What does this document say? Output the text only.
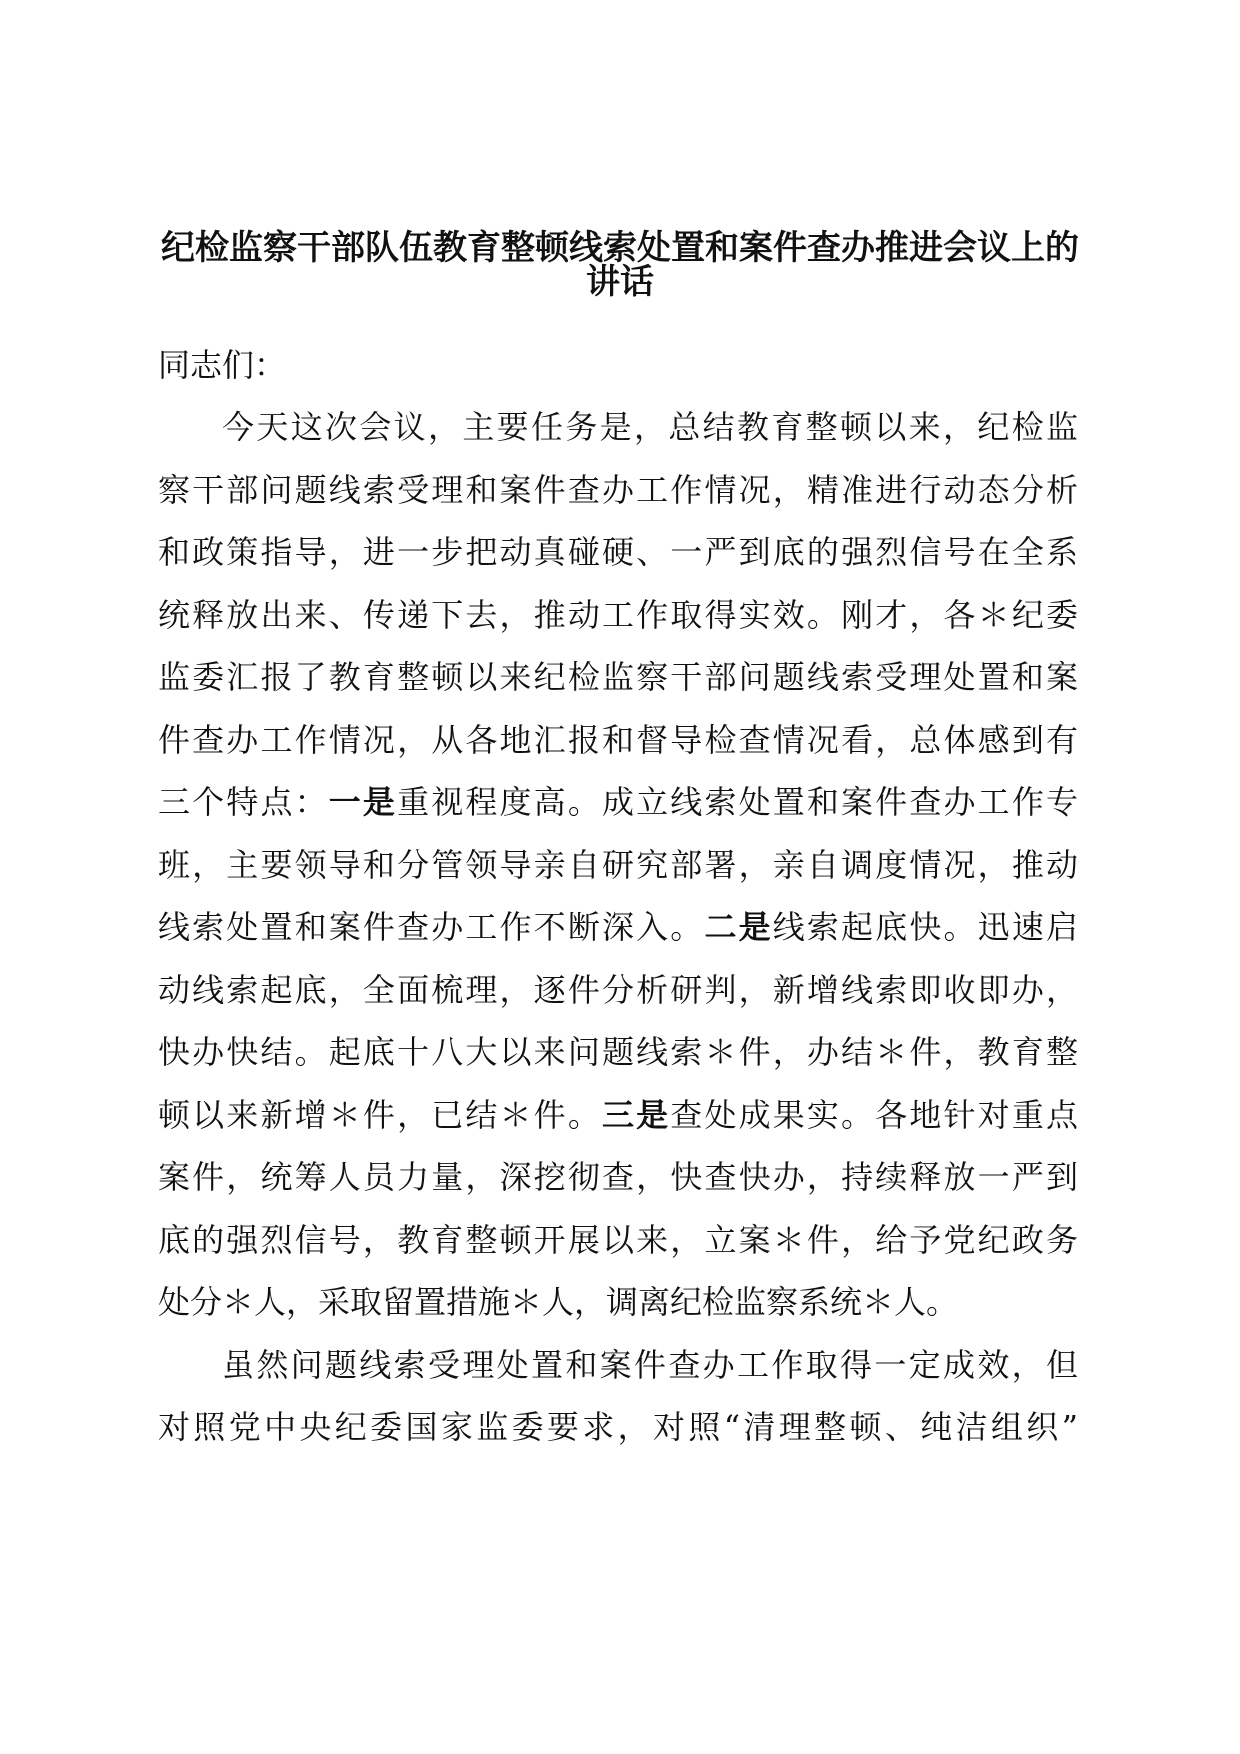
纪检监察干部队伍教育整顿线索处置和案件查办推进会议上的
讲话
同志们：
今天这次会议，主要任务是，总结教育整顿以来，纪检监
察干部问题线索受理和案件查办工作情况，精准进行动态分析
和政策指导，进一步把动真碰硬、一严到底的强烈信号在全系
统释放出来、传递下去，推动工作取得实效。刚才，各＊纪委
监委汇报了教育整顿以来纪检监察干部问题线索受理处置和案
件查办工作情况，从各地汇报和督导检查情况看，总体感到有
三个特点：一是重视程度高。成立线索处置和案件查办工作专
班，主要领导和分管领导亲自研究部署，亲自调度情况，推动
线索处置和案件查办工作不断深入。二是线索起底快。迅速启
动线索起底，全面梳理，逐件分析研判，新增线索即收即办，
快办快结。起底十八大以来问题线索＊件，办结＊件，教育整
顿以来新增＊件，已结＊件。三是查处成果实。各地针对重点
案件，统筹人员力量，深挖彻查，快查快办，持续释放一严到
底的强烈信号，教育整顿开展以来，立案＊件，给予党纪政务
处分＊人，采取留置措施＊人，调离纪检监察系统＊人。
虽然问题线索受理处置和案件查办工作取得一定成效，但
对照党中央纪委国家监委要求，对照“清理整顿、纯洁组织”
